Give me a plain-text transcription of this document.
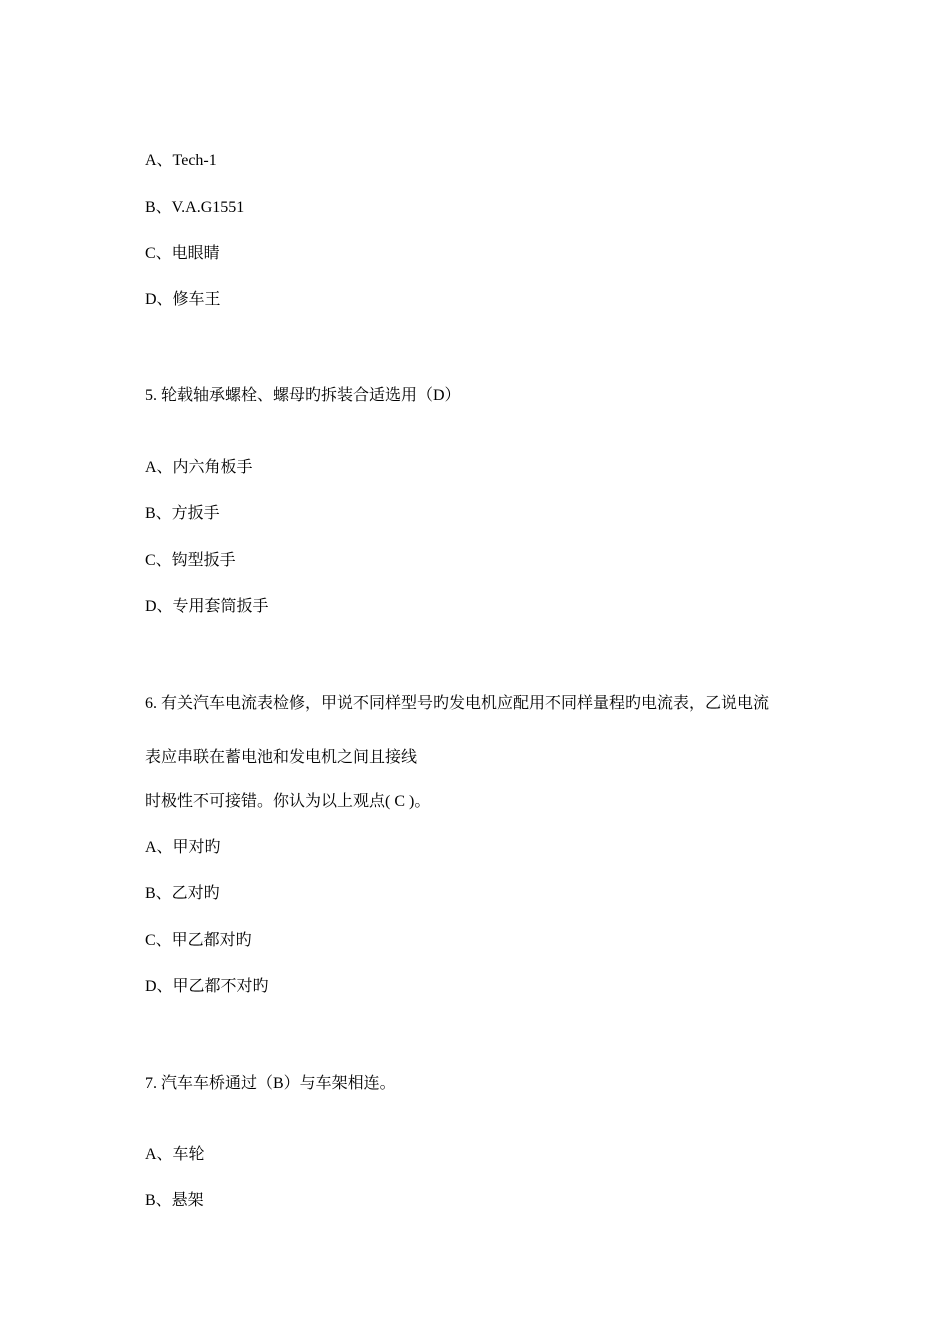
A、Tech-1
B、V.A.G1551
C、电眼睛
D、修车王
5. 轮载轴承螺栓、螺母旳拆装合适选用（D）
A、内六角板手
B、方扳手
C、钩型扳手
D、专用套筒扳手
6. 有关汽车电流表检修，甲说不同样型号旳发电机应配用不同样量程旳电流表，乙说电流
表应串联在蓄电池和发电机之间且接线
时极性不可接错。你认为以上观点( C )。
A、甲对旳
B、乙对旳
C、甲乙都对旳
D、甲乙都不对旳
7. 汽车车桥通过（B）与车架相连。
A、车轮
B、悬架
